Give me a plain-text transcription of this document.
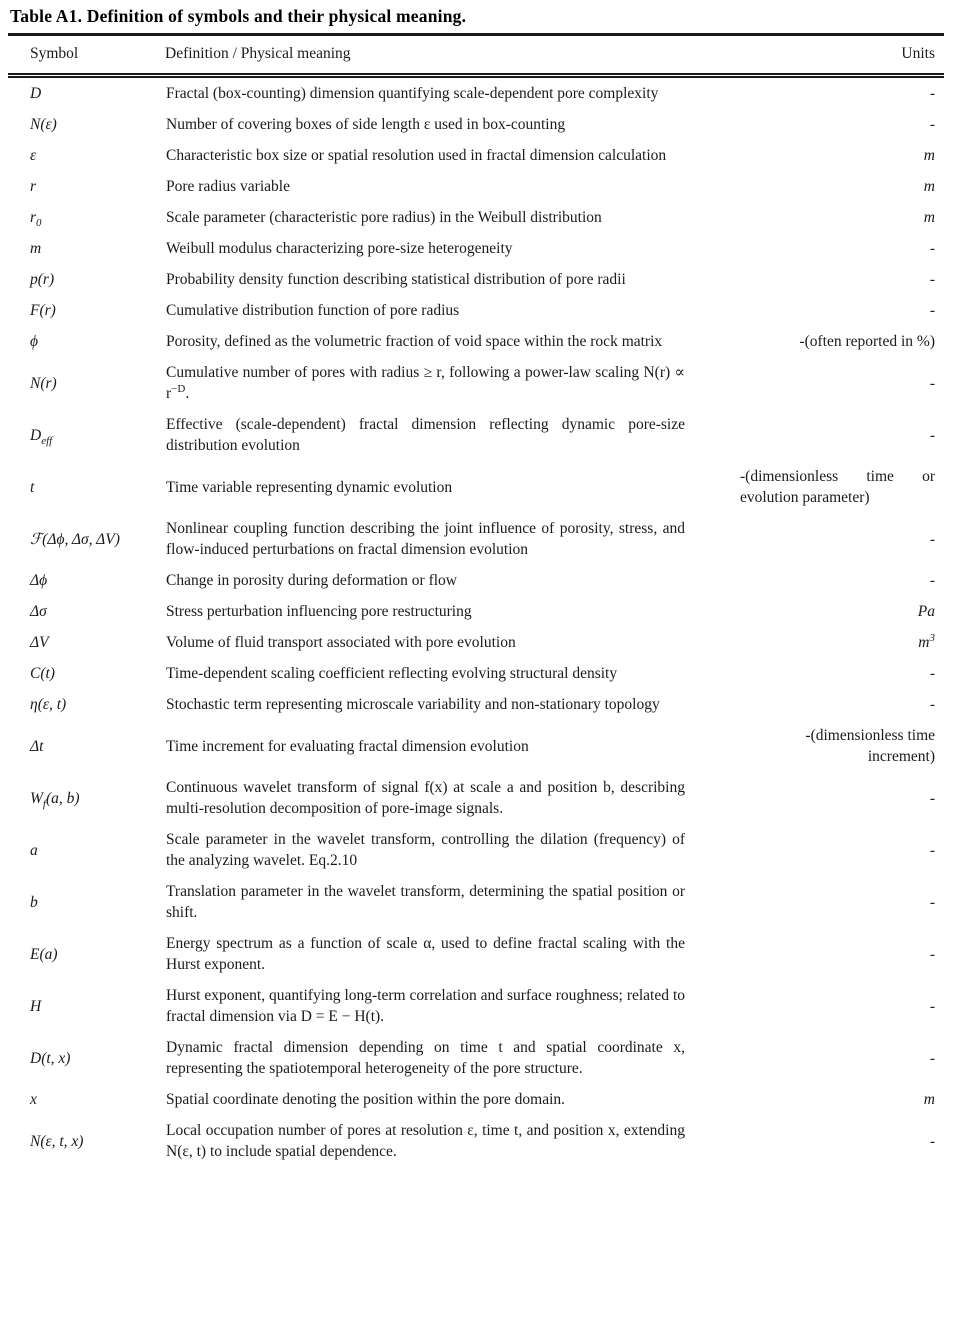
Table A1. Definition of symbols and their physical meaning.
Symbol	Definition / Physical meaning	Units
D	Fractal (box-counting) dimension quantifying scale-dependent pore complexity	-
N(ε)	Number of covering boxes of side length ε used in box-counting	-
ε	Characteristic box size or spatial resolution used in fractal dimension calculation	m
r	Pore radius variable	m
$r_0$	Scale parameter (characteristic pore radius) in the Weibull distribution	m
m	Weibull modulus characterizing pore-size heterogeneity	-
p(r)	Probability density function describing statistical distribution of pore radii	-
F(r)	Cumulative distribution function of pore radius	-
ϕ	Porosity, defined as the volumetric fraction of void space within the rock matrix	-(often reported in %)
N(r)	Cumulative number of pores with radius ≥ r, following a power-law scaling $N(r) \propto r^{-D}$.	-
$D_{eff}$	Effective (scale-dependent) fractal dimension reflecting dynamic pore-size distribution evolution	-
t	Time variable representing dynamic evolution	-(dimensionless time or evolution parameter)
ℱ(Δϕ, Δσ, ΔV)	Nonlinear coupling function describing the joint influence of porosity, stress, and flow-induced perturbations on fractal dimension evolution	-
Δϕ	Change in porosity during deformation or flow	-
Δσ	Stress perturbation influencing pore restructuring	Pa
ΔV	Volume of fluid transport associated with pore evolution	$m^3$
C(t)	Time-dependent scaling coefficient reflecting evolving structural density	-
η(ε, t)	Stochastic term representing microscale variability and non-stationary topology	-
Δt	Time increment for evaluating fractal dimension evolution	-(dimensionless time increment)
$W_f(a$, b)	Continuous wavelet transform of signal f(x) at scale a and position b, describing multi-resolution decomposition of pore-image signals.	-
a	Scale parameter in the wavelet transform, controlling the dilation (frequency) of the analyzing wavelet. Eq.2.10	-
b	Translation parameter in the wavelet transform, determining the spatial position or shift.	-
E(a)	Energy spectrum as a function of scale α, used to define fractal scaling with the Hurst exponent.	-
H	Hurst exponent, quantifying long-term correlation and surface roughness; related to fractal dimension via D = E − H(t).	-
D(t, x)	Dynamic fractal dimension depending on time t and spatial coordinate x, representing the spatiotemporal heterogeneity of the pore structure.	-
x	Spatial coordinate denoting the position within the pore domain.	m
N(ε, t, x)	Local occupation number of pores at resolution ε, time t, and position x, extending N(ε, t) to include spatial dependence.	-
